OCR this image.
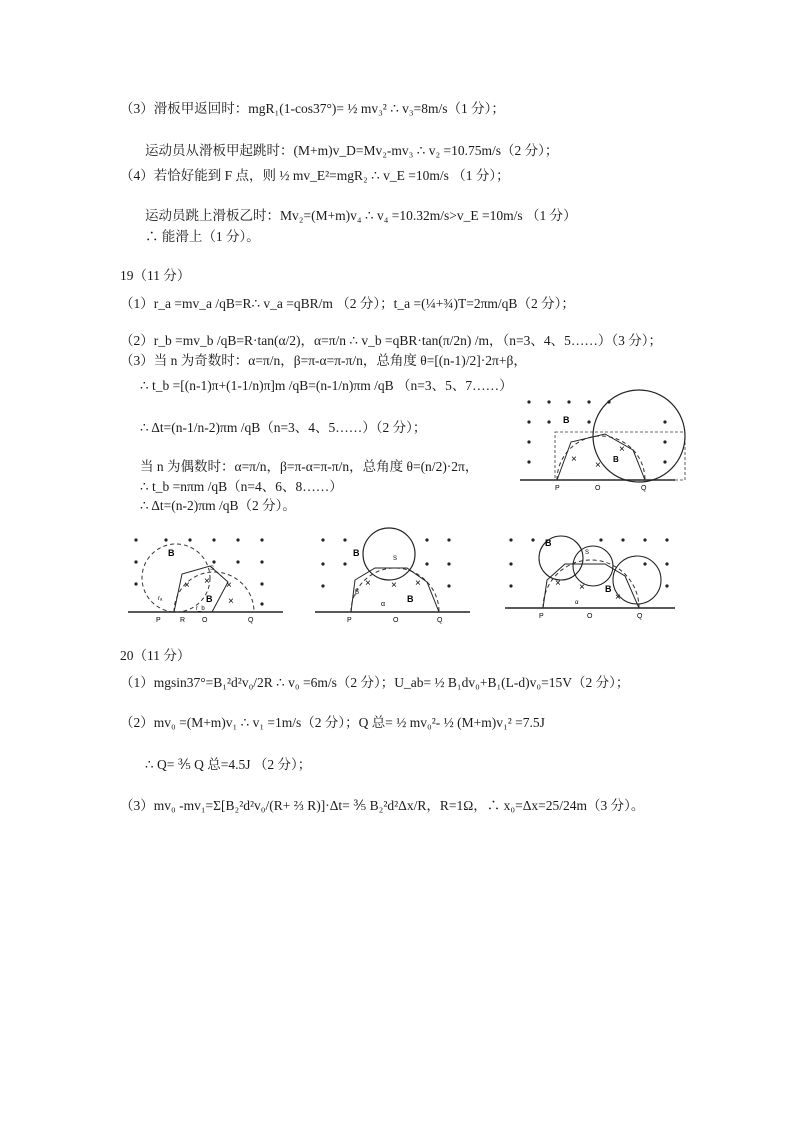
（3）滑板甲返回时：mgR₁(1-cos37°)= ½ mv₃² ∴ v₃=8m/s（1 分）；
运动员从滑板甲起跳时：(M+m)v_D=Mv₂-mv₃ ∴ v₂ =10.75m/s（2 分）；
（4）若恰好能到 F 点，则 ½ mv_E²=mgR₂ ∴ v_E =10m/s （1 分）；
运动员跳上滑板乙时：Mv₂=(M+m)v₄ ∴ v₄ =10.32m/s>v_E =10m/s （1 分）
∴ 能滑上（1 分）。
19（11 分）
（1）r_a =mv_a /qB=R∴ v_a =qBR/m （2 分）；t_a =(¼+¾)T=2πm/qB（2 分）；
（2）r_b =mv_b /qB=R·tan(α/2)，α=π/n ∴ v_b =qBR·tan(π/2n) /m，（n=3、4、5……）（3 分）；
（3）当 n 为奇数时：α=π/n，β=π-α=π-π/n，总角度 θ=[(n-1)/2]·2π+β，
∴ t_b =[(n-1)π+(1-1/n)π]m /qB=(n-1/n)πm /qB （n=3、5、7……）
∴ Δt=(n-1/n-2)πm /qB（n=3、4、5……）（2 分）；
当 n 为偶数时：α=π/n，β=π-α=π-π/n，总角度 θ=(n/2)·2π，
∴ t_b =nπm /qB（n=4、6、8……）
∴ Δt=(n-2)πm /qB（2 分）。
B
B
×
×
×
P	O	Q
B
B
S
rₐ
r_b
× × ×
×
P	R O	Q
B
B
S
β
α
× × ×
P	O	Q
B
B
S
α
× ×
×
P	O	Q
20（11 分）
（1）mgsin37°=B₁²d²v₀/2R ∴ v₀ =6m/s（2 分）；U_ab= ½ B₁dv₀+B₁(L-d)v₀=15V（2 分）；
（2）mv₀ =(M+m)v₁ ∴ v₁ =1m/s（2 分）；Q 总= ½ mv₀²- ½ (M+m)v₁² =7.5J
∴ Q= ⅗ Q 总=4.5J （2 分）；
（3）mv₀ -mv₁=Σ[B₂²d²v₀/(R+ ⅔ R)]·Δt= ⅗ B₂²d²Δx/R，R=1Ω，∴ x₀=Δx=25/24m（3 分）。
